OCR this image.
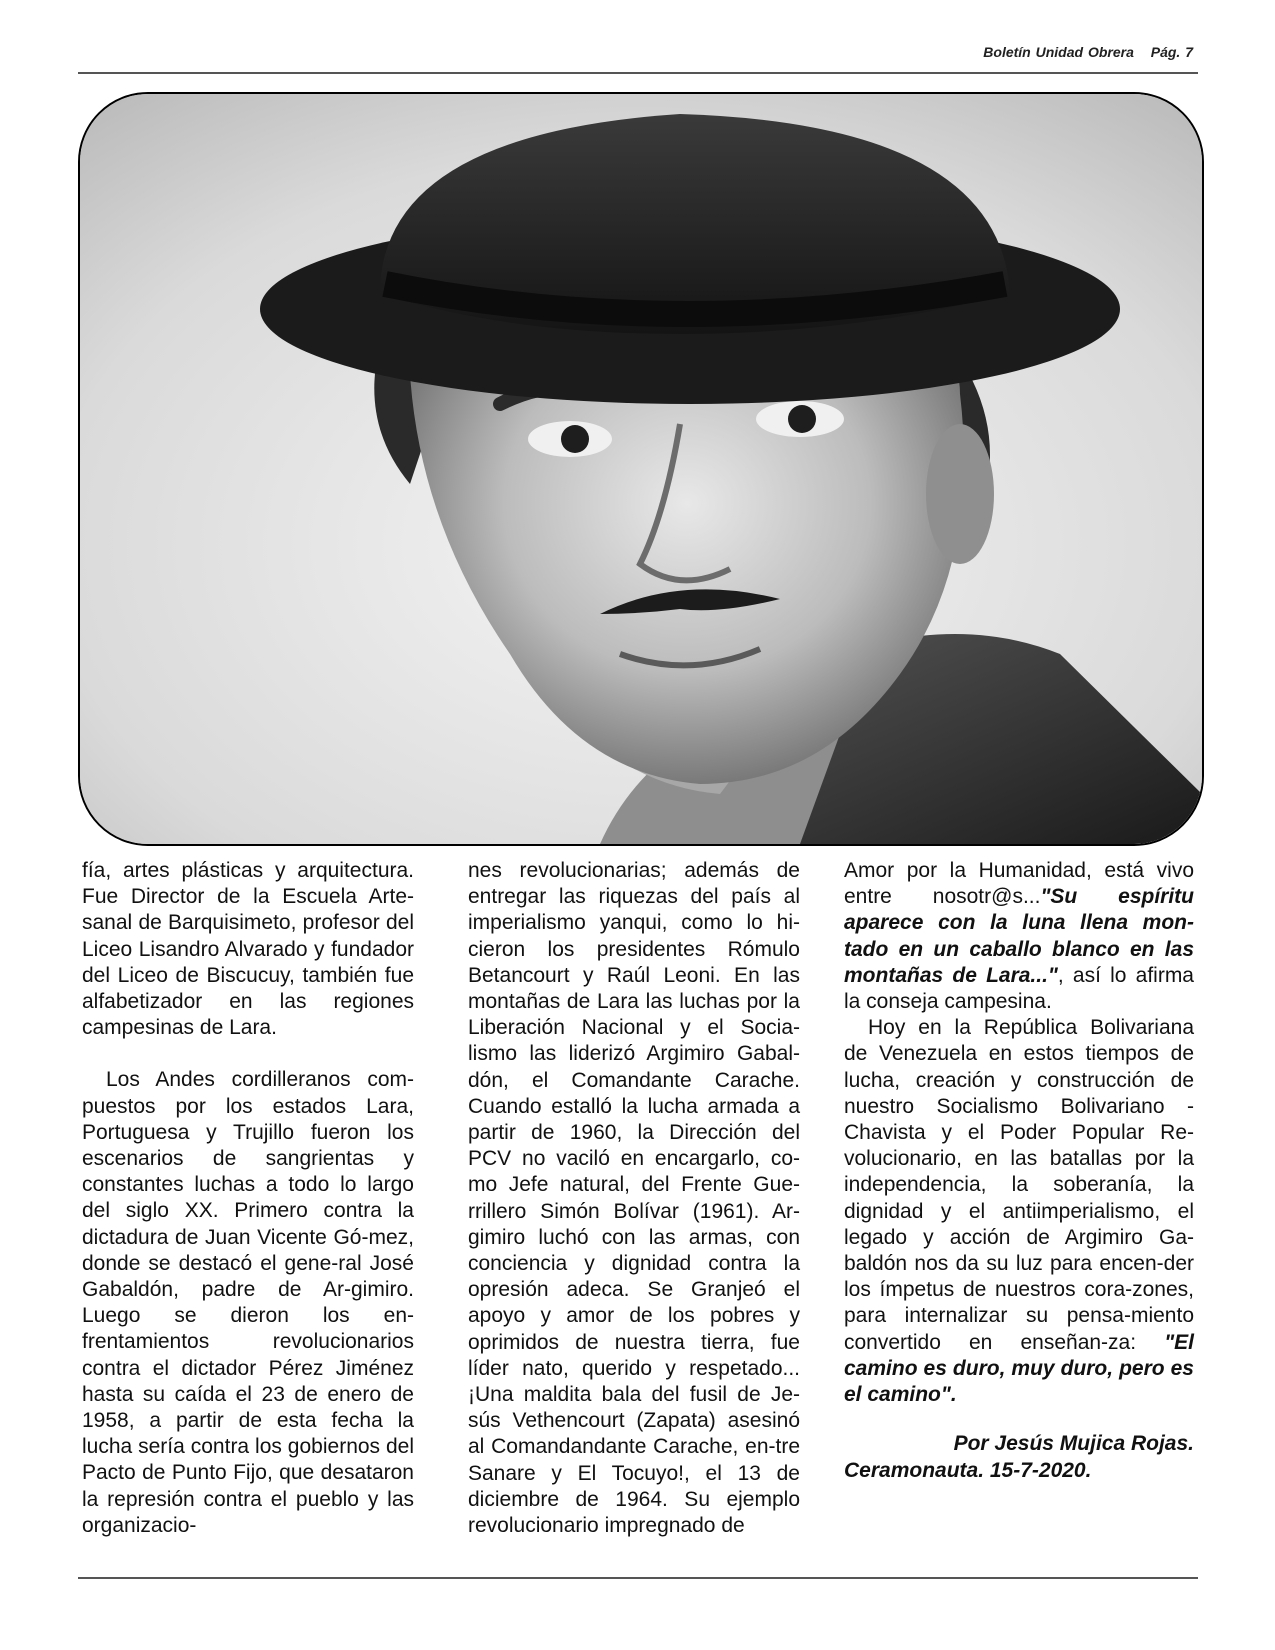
Boletín Unidad Obrera Pág. 7

fía, artes plásticas y arquitectura. Fue Director de la Escuela Arte-sanal de Barquisimeto, profesor del Liceo Lisandro Alvarado y fundador del Liceo de Biscucuy, también fue alfabetizador en las regiones campesinas de Lara.

Los Andes cordilleranos com-puestos por los estados Lara, Portuguesa y Trujillo fueron los escenarios de sangrientas y constantes luchas a todo lo largo del siglo XX. Primero contra la dictadura de Juan Vicente Gó-mez, donde se destacó el gene-ral José Gabaldón, padre de Ar-gimiro. Luego se dieron los en-frentamientos revolucionarios contra el dictador Pérez Jiménez hasta su caída el 23 de enero de 1958, a partir de esta fecha la lucha sería contra los gobiernos del Pacto de Punto Fijo, que desataron la represión contra el pueblo y las organizacio-

nes revolucionarias; además de entregar las riquezas del país al imperialismo yanqui, como lo hi-cieron los presidentes Rómulo Betancourt y Raúl Leoni. En las montañas de Lara las luchas por la Liberación Nacional y el Socia-lismo las liderizó Argimiro Gabal-dón, el Comandante Carache. Cuando estalló la lucha armada a partir de 1960, la Dirección del PCV no vaciló en encargarlo, co-mo Jefe natural, del Frente Gue-rrillero Simón Bolívar (1961). Ar-gimiro luchó con las armas, con conciencia y dignidad contra la opresión adeca. Se Granjeó el apoyo y amor de los pobres y oprimidos de nuestra tierra, fue líder nato, querido y respetado... ¡Una maldita bala del fusil de Je-sús Vethencourt (Zapata) asesinó al Comandandante Carache, en-tre Sanare y El Tocuyo!, el 13 de diciembre de 1964. Su ejemplo revolucionario impregnado de

Amor por la Humanidad, está vivo entre nosotr@s..."Su espíritu aparece con la luna llena mon-tado en un caballo blanco en las montañas de Lara...", así lo afirma la conseja campesina.

Hoy en la República Bolivariana de Venezuela en estos tiempos de lucha, creación y construcción de nuestro Socialismo Bolivariano -Chavista y el Poder Popular Re-volucionario, en las batallas por la independencia, la soberanía, la dignidad y el antiimperialismo, el legado y acción de Argimiro Ga-baldón nos da su luz para encen-der los ímpetus de nuestros cora-zones, para internalizar su pensa-miento convertido en enseñan-za: "El camino es duro, muy duro, pero es el camino".

Por Jesús Mujica Rojas.
Ceramonauta. 15-7-2020.
